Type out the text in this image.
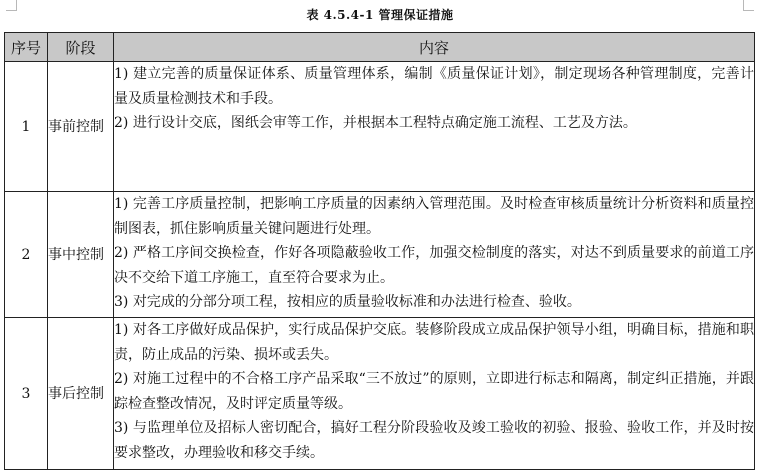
表 4.5.4-1 管理保证措施
序号	阶段	内容
1	事前控制	1) 建立完善的质量保证体系、质量管理体系，编制《质量保证计划》，制定现场各种管理制度，完善计量及质量检测技术和手段。
2) 进行设计交底，图纸会审等工作，并根据本工程特点确定施工流程、工艺及方法。

2	事中控制	1) 完善工序质量控制，把影响工序质量的因素纳入管理范围。及时检查审核质量统计分析资料和质量控制图表，抓住影响质量关键问题进行处理。
2) 严格工序间交换检查，作好各项隐蔽验收工作，加强交检制度的落实，对达不到质量要求的前道工序决不交给下道工序施工，直至符合要求为止。
3) 对完成的分部分项工程，按相应的质量验收标准和办法进行检查、验收。

3	事后控制	1) 对各工序做好成品保护，实行成品保护交底。装修阶段成立成品保护领导小组，明确目标，措施和职责，防止成品的污染、损坏或丢失。
2) 对施工过程中的不合格工序产品采取“三不放过”的原则，立即进行标志和隔离，制定纠正措施，并跟踪检查整改情况，及时评定质量等级。
3) 与监理单位及招标人密切配合，搞好工程分阶段验收及竣工验收的初验、报验、验收工作，并及时按要求整改，办理验收和移交手续。
